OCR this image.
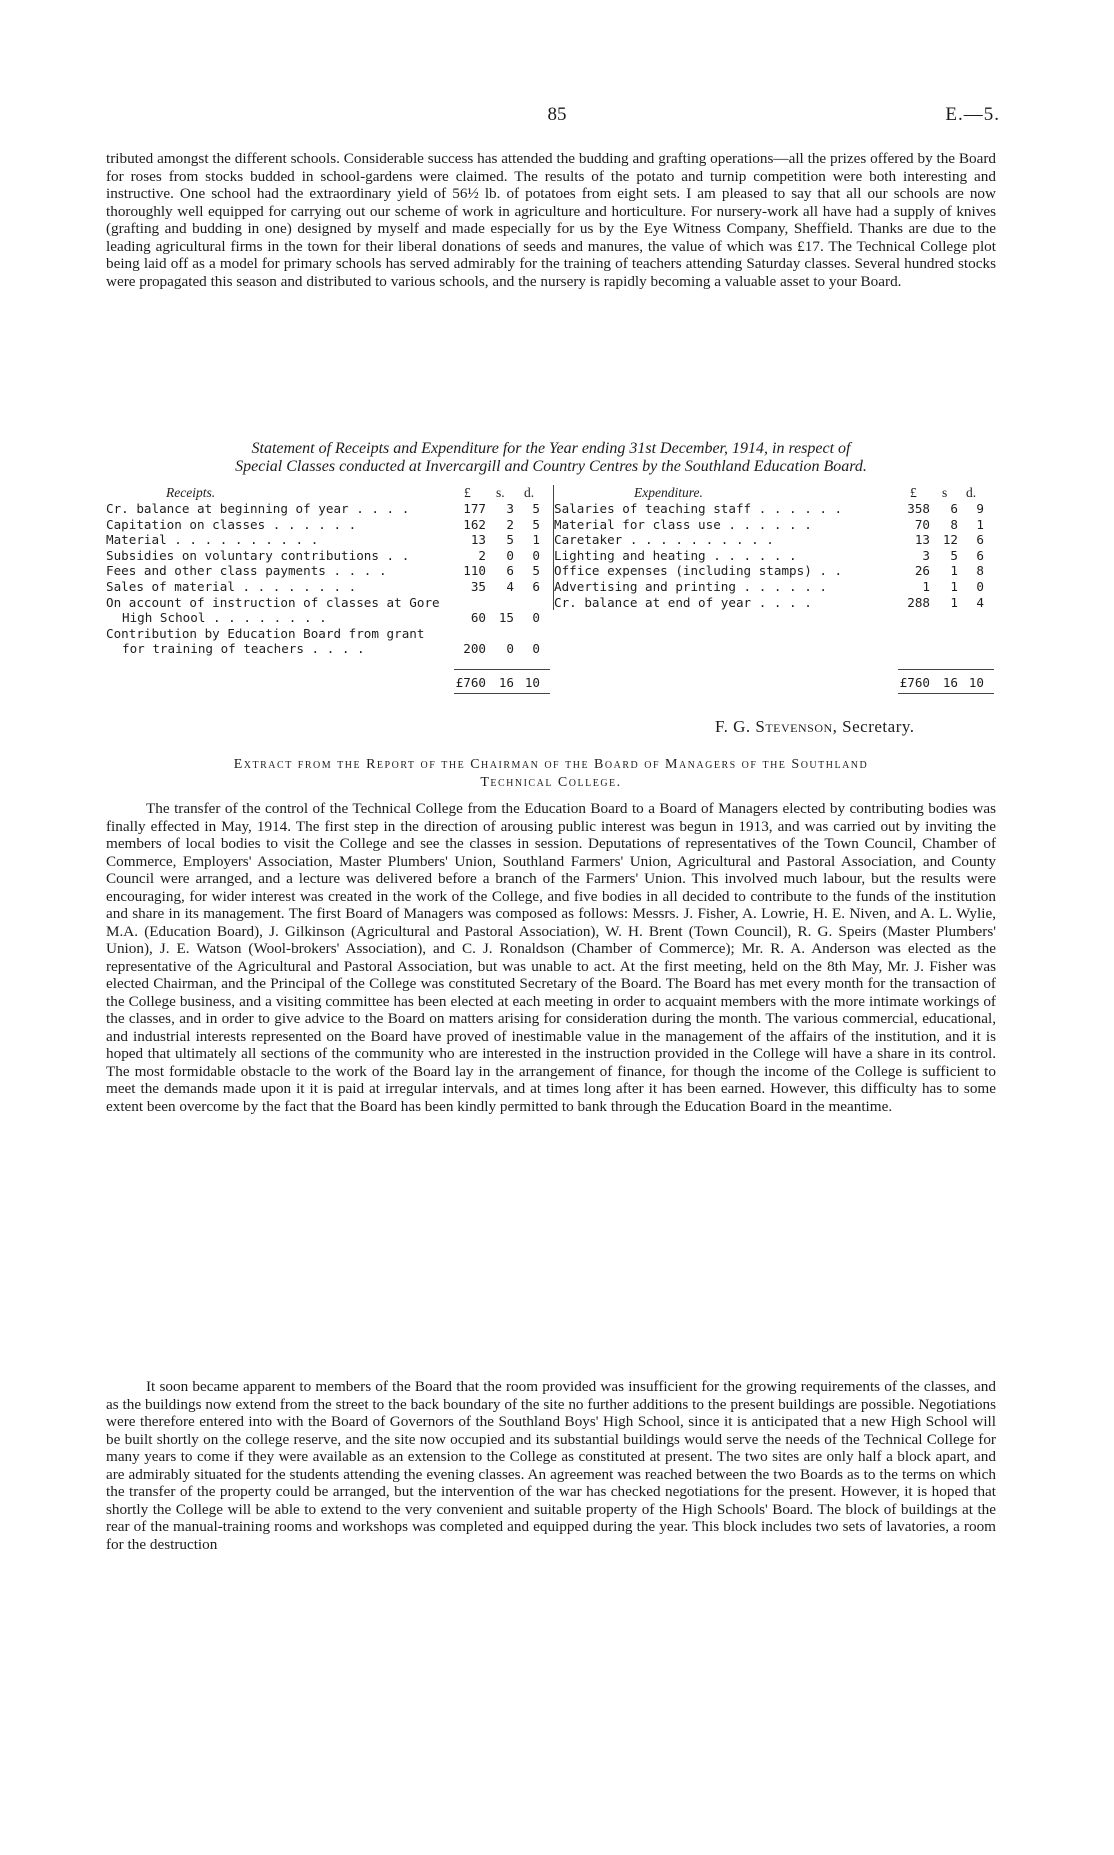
85	E.—5.
tributed amongst the different schools. Considerable success has attended the budding and grafting operations—all the prizes offered by the Board for roses from stocks budded in school-gardens were claimed. The results of the potato and turnip competition were both interesting and instructive. One school had the extraordinary yield of 56½ lb. of potatoes from eight sets. I am pleased to say that all our schools are now thoroughly well equipped for carrying out our scheme of work in agriculture and horticulture. For nursery-work all have had a supply of knives (grafting and budding in one) designed by myself and made especially for us by the Eye Witness Company, Sheffield. Thanks are due to the leading agricultural firms in the town for their liberal donations of seeds and manures, the value of which was £17. The Technical College plot being laid off as a model for primary schools has served admirably for the training of teachers attending Saturday classes. Several hundred stocks were propagated this season and distributed to various schools, and the nursery is rapidly becoming a valuable asset to your Board.
Statement of Receipts and Expenditure for the Year ending 31st December, 1914, in respect of
Special Classes conducted at Invercargill and Country Centres by the Southland Education Board.
Receipts.	£ s. d.
Cr. balance at beginning of year . . . .	177	3	5
Capitation on classes . . . . . .	162	2	5
Material . . . . . . . . . .	13	5	1
Subsidies on voluntary contributions . .	2	0	0
Fees and other class payments . . . .	110	6	5
Sales of material . . . . . . . .	35	4	6
On account of instruction of classes at Gore
High School . . . . . . . .	60	15	0
Contribution by Education Board from grant
for training of teachers . . . .	200	0	0
£760	16 10
Expenditure.	£ s d.
Salaries of teaching staff . . . . . .	358	6	9
Material for class use . . . . . .	70	8	1
Caretaker . . . . . . . . . .	13	12	6
Lighting and heating . . . . . .	3	5	6
Office expenses (including stamps) . .	26	1	8
Advertising and printing . . . . . .	1	1	0
Cr. balance at end of year . . . .	288	1	4
£760	16 10
F. G. Stevenson, Secretary.
Extract from the Report of the Chairman of the Board of Managers of the Southland
Technical College.
The transfer of the control of the Technical College from the Education Board to a Board of Managers elected by contributing bodies was finally effected in May, 1914. The first step in the direction of arousing public interest was begun in 1913, and was carried out by inviting the members of local bodies to visit the College and see the classes in session. Deputations of representatives of the Town Council, Chamber of Commerce, Employers' Association, Master Plumbers' Union, Southland Farmers' Union, Agricultural and Pastoral Association, and County Council were arranged, and a lecture was delivered before a branch of the Farmers' Union. This involved much labour, but the results were encouraging, for wider interest was created in the work of the College, and five bodies in all decided to contribute to the funds of the institution and share in its management. The first Board of Managers was composed as follows: Messrs. J. Fisher, A. Lowrie, H. E. Niven, and A. L. Wylie, M.A. (Education Board), J. Gilkinson (Agricultural and Pastoral Association), W. H. Brent (Town Council), R. G. Speirs (Master Plumbers' Union), J. E. Watson (Wool-brokers' Association), and C. J. Ronaldson (Chamber of Commerce); Mr. R. A. Anderson was elected as the representative of the Agricultural and Pastoral Association, but was unable to act. At the first meeting, held on the 8th May, Mr. J. Fisher was elected Chairman, and the Principal of the College was constituted Secretary of the Board. The Board has met every month for the transaction of the College business, and a visiting committee has been elected at each meeting in order to acquaint members with the more intimate workings of the classes, and in order to give advice to the Board on matters arising for consideration during the month. The various commercial, educational, and industrial interests represented on the Board have proved of inestimable value in the management of the affairs of the institution, and it is hoped that ultimately all sections of the community who are interested in the instruction provided in the College will have a share in its control. The most formidable obstacle to the work of the Board lay in the arrangement of finance, for though the income of the College is sufficient to meet the demands made upon it it is paid at irregular intervals, and at times long after it has been earned. However, this difficulty has to some extent been overcome by the fact that the Board has been kindly permitted to bank through the Education Board in the meantime.
It soon became apparent to members of the Board that the room provided was insufficient for the growing requirements of the classes, and as the buildings now extend from the street to the back boundary of the site no further additions to the present buildings are possible. Negotiations were therefore entered into with the Board of Governors of the Southland Boys' High School, since it is anticipated that a new High School will be built shortly on the college reserve, and the site now occupied and its substantial buildings would serve the needs of the Technical College for many years to come if they were available as an extension to the College as constituted at present. The two sites are only half a block apart, and are admirably situated for the students attending the evening classes. An agreement was reached between the two Boards as to the terms on which the transfer of the property could be arranged, but the intervention of the war has checked negotiations for the present. However, it is hoped that shortly the College will be able to extend to the very convenient and suitable property of the High Schools' Board. The block of buildings at the rear of the manual-training rooms and workshops was completed and equipped during the year. This block includes two sets of lavatories, a room for the destruction
